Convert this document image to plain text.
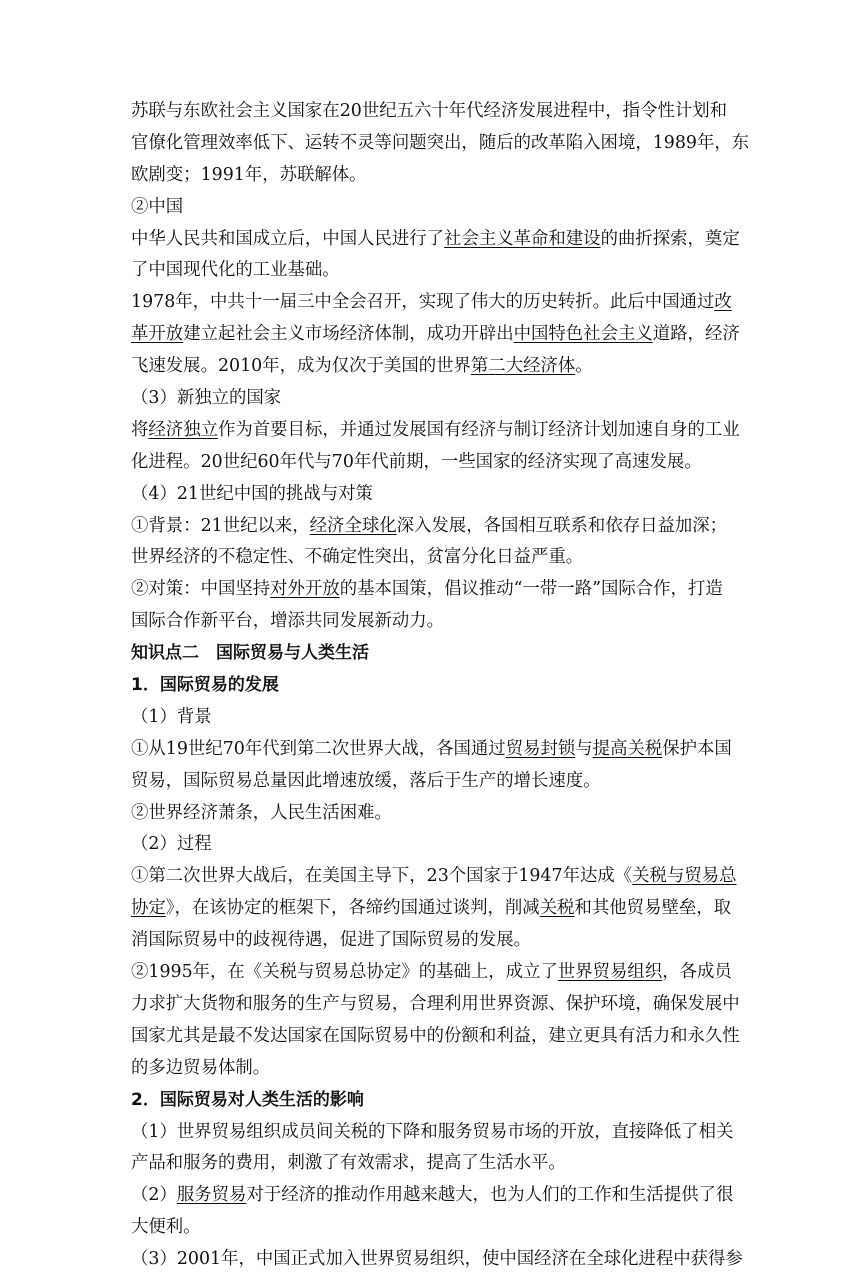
苏联与东欧社会主义国家在20世纪五六十年代经济发展进程中，指令性计划和
官僚化管理效率低下、运转不灵等问题突出，随后的改革陷入困境，1989年，东
欧剧变；1991年，苏联解体。
②中国
中华人民共和国成立后，中国人民进行了社会主义革命和建设的曲折探索，奠定
了中国现代化的工业基础。
1978年，中共十一届三中全会召开，实现了伟大的历史转折。此后中国通过改
革开放建立起社会主义市场经济体制，成功开辟出中国特色社会主义道路，经济
飞速发展。2010年，成为仅次于美国的世界第二大经济体。
（3）新独立的国家
将经济独立作为首要目标，并通过发展国有经济与制订经济计划加速自身的工业
化进程。20世纪60年代与70年代前期，一些国家的经济实现了高速发展。
（4）21世纪中国的挑战与对策
①背景：21世纪以来，经济全球化深入发展，各国相互联系和依存日益加深；
世界经济的不稳定性、不确定性突出，贫富分化日益严重。
②对策：中国坚持对外开放的基本国策，倡议推动“一带一路”国际合作，打造
国际合作新平台，增添共同发展新动力。
知识点二　国际贸易与人类生活
1．国际贸易的发展
（1）背景
①从19世纪70年代到第二次世界大战，各国通过贸易封锁与提高关税保护本国
贸易，国际贸易总量因此增速放缓，落后于生产的增长速度。
②世界经济萧条，人民生活困难。
（2）过程
①第二次世界大战后，在美国主导下，23个国家于1947年达成《关税与贸易总
协定》，在该协定的框架下，各缔约国通过谈判，削减关税和其他贸易壁垒，取
消国际贸易中的歧视待遇，促进了国际贸易的发展。
②1995年，在《关税与贸易总协定》的基础上，成立了世界贸易组织，各成员
力求扩大货物和服务的生产与贸易，合理利用世界资源、保护环境，确保发展中
国家尤其是最不发达国家在国际贸易中的份额和利益，建立更具有活力和永久性
的多边贸易体制。
2．国际贸易对人类生活的影响
（1）世界贸易组织成员间关税的下降和服务贸易市场的开放，直接降低了相关
产品和服务的费用，刺激了有效需求，提高了生活水平。
（2）服务贸易对于经济的推动作用越来越大，也为人们的工作和生活提供了很
大便利。
（3）2001年，中国正式加入世界贸易组织，使中国经济在全球化进程中获得参
